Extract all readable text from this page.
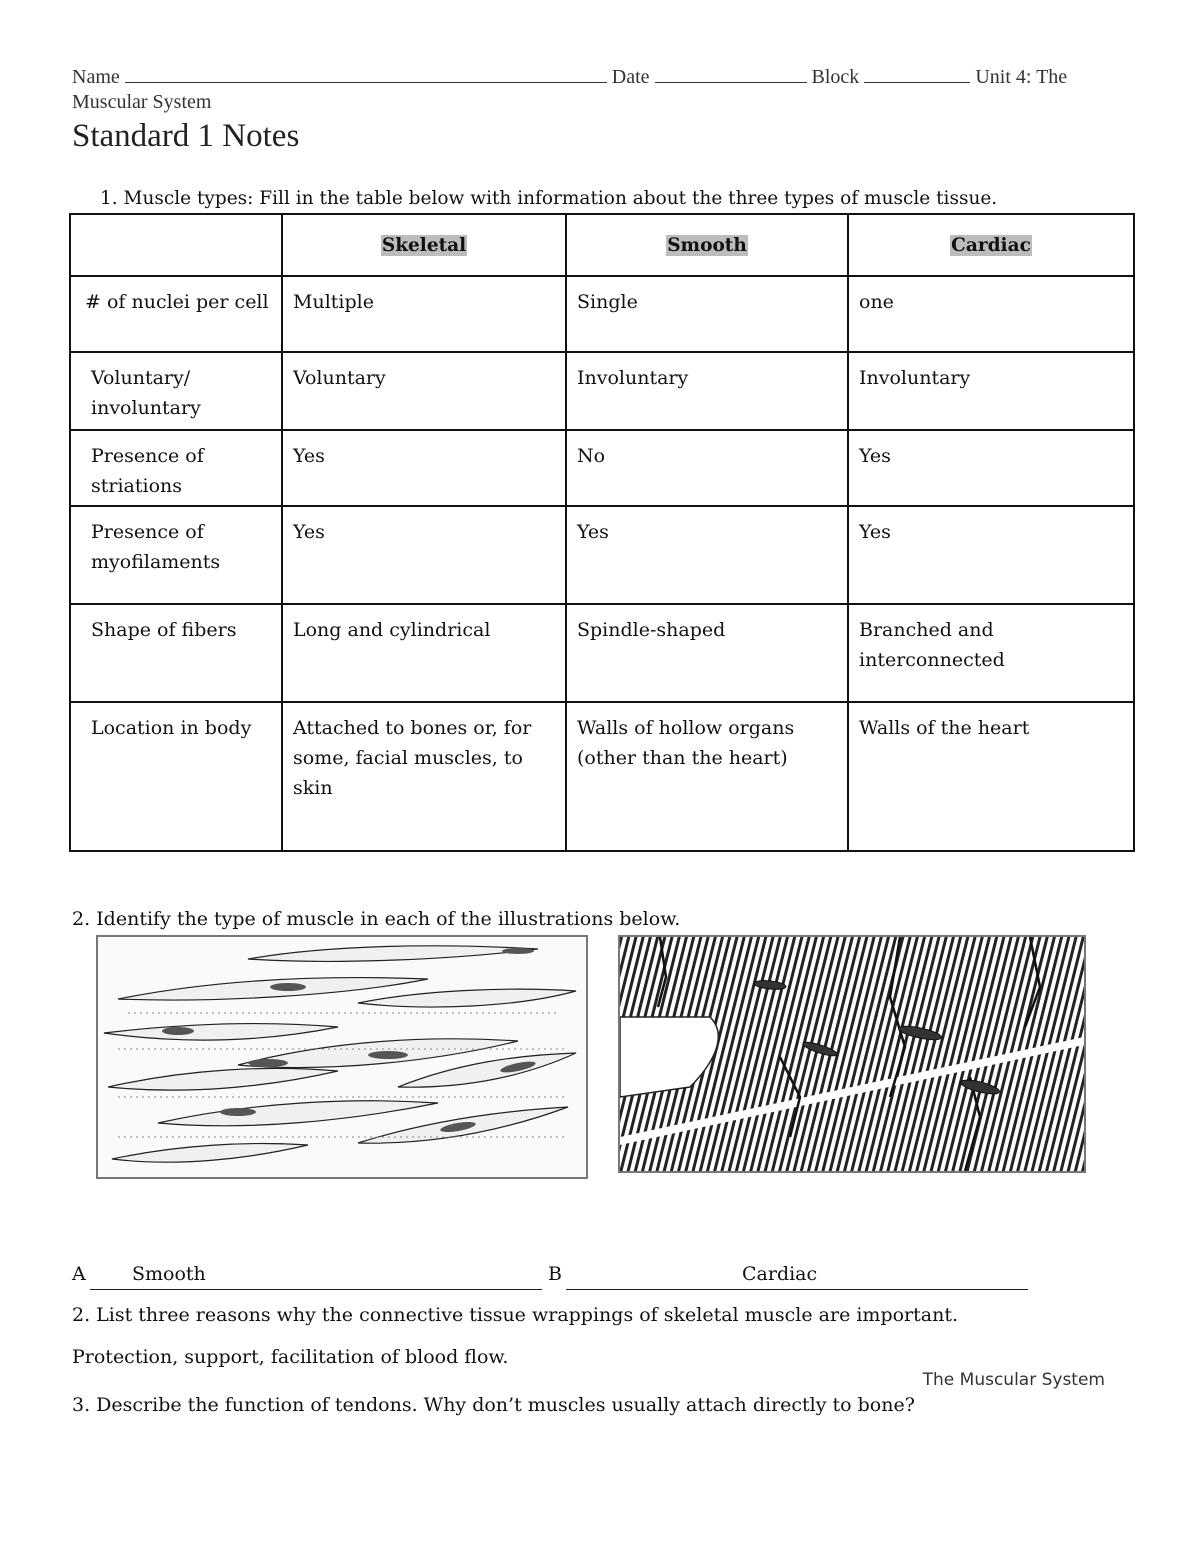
Name	Date	Block	Unit 4: The
Muscular System
Standard 1 Notes
1. Muscle types: Fill in the table below with information about the three types of muscle tissue.
	Skeletal	Smooth	Cardiac
# of nuclei per cell	Multiple	Single	one
Voluntary/ involuntary	Voluntary	Involuntary	Involuntary
Presence of striations	Yes	No	Yes
Presence of myofilaments	Yes	Yes	Yes
Shape of fibers	Long and cylindrical	Spindle-shaped	Branched and interconnected
Location in body	Attached to bones or, for some, facial muscles, to skin	Walls of hollow organs (other than the heart)	Walls of the heart
2. Identify the type of muscle in each of the illustrations below.
A	Smooth	B	Cardiac
2. List three reasons why the connective tissue wrappings of skeletal muscle are important.
Protection, support, facilitation of blood flow.
The Muscular System
3. Describe the function of tendons. Why don’t muscles usually attach directly to bone?
